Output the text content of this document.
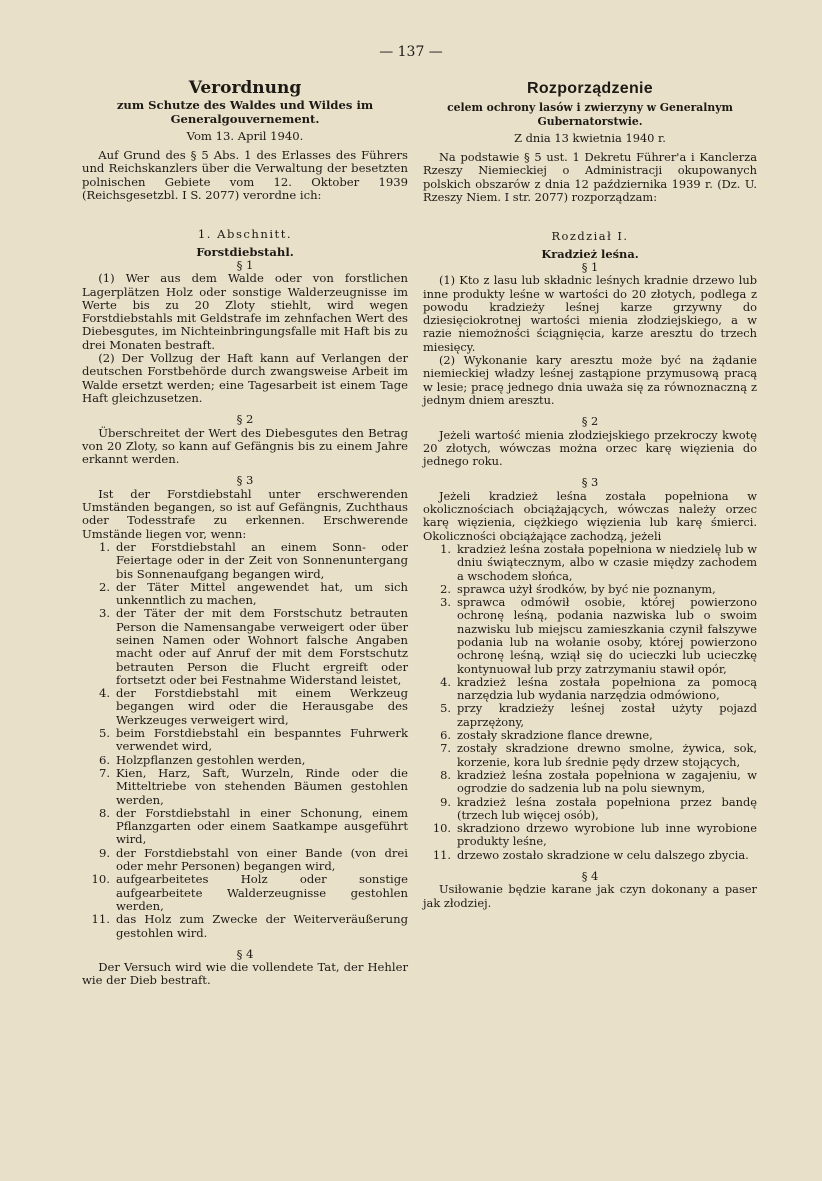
— 137 —
Verordnung
zum Schutze des Waldes und Wildes im Generalgouvernement.
Vom 13. April 1940.

Auf Grund des § 5 Abs. 1 des Erlasses des Führers und Reichskanzlers über die Verwaltung der besetzten polnischen Gebiete vom 12. Oktober 1939 (Reichsgesetzbl. I S. 2077) verordne ich:

1. Abschnitt.
Forstdiebstahl.
§ 1

(1) Wer aus dem Walde oder von forstlichen Lagerplätzen Holz oder sonstige Walderzeugnisse im Werte bis zu 20 Zloty stiehlt, wird wegen Forstdiebstahls mit Geldstrafe im zehnfachen Wert des Diebesgutes, im Nichteinbringungsfalle mit Haft bis zu drei Monaten bestraft.

(2) Der Vollzug der Haft kann auf Verlangen der deutschen Forstbehörde durch zwangsweise Arbeit im Walde ersetzt werden; eine Tagesarbeit ist einem Tage Haft gleichzusetzen.

§ 2

Überschreitet der Wert des Diebesgutes den Betrag von 20 Zloty, so kann auf Gefängnis bis zu einem Jahre erkannt werden.

§ 3

Ist der Forstdiebstahl unter erschwerenden Umständen begangen, so ist auf Gefängnis, Zuchthaus oder Todesstrafe zu erkennen. Erschwerende Umstände liegen vor, wenn:

1. der Forstdiebstahl an einem Sonn- oder Feiertage oder in der Zeit von Sonnenuntergang bis Sonnenaufgang begangen wird,
2. der Täter Mittel angewendet hat, um sich unkenntlich zu machen,
3. der Täter der mit dem Forstschutz betrauten Person die Namensangabe verweigert oder über seinen Namen oder Wohnort falsche Angaben macht oder auf Anruf der mit dem Forstschutz betrauten Person die Flucht ergreift oder fortsetzt oder bei Festnahme Widerstand leistet,
4. der Forstdiebstahl mit einem Werkzeug begangen wird oder die Herausgabe des Werkzeuges verweigert wird,
5. beim Forstdiebstahl ein bespanntes Fuhrwerk verwendet wird,
6. Holzpflanzen gestohlen werden,
7. Kien, Harz, Saft, Wurzeln, Rinde oder die Mitteltriebe von stehenden Bäumen gestohlen werden,
8. der Forstdiebstahl in einer Schonung, einem Pflanzgarten oder einem Saatkampe ausgeführt wird,
9. der Forstdiebstahl von einer Bande (von drei oder mehr Personen) begangen wird,
10. aufgearbeitetes Holz oder sonstige aufgearbeitete Walderzeugnisse gestohlen werden,
11. das Holz zum Zwecke der Weiterveräußerung gestohlen wird.
§ 4

Der Versuch wird wie die vollendete Tat, der Hehler wie der Dieb bestraft.

Rozporządzenie
celem ochrony lasów i zwierzyny w Generalnym Gubernatorstwie.
Z dnia 13 kwietnia 1940 r.

Na podstawie § 5 ust. 1 Dekretu Führer'a i Kanclerza Rzeszy Niemieckiej o Administracji okupowanych polskich obszarów z dnia 12 października 1939 r. (Dz. U. Rzeszy Niem. I str. 2077) rozporządzam:

Rozdział I.
Kradzież leśna.
§ 1

(1) Kto z lasu lub składnic leśnych kradnie drzewo lub inne produkty leśne w wartości do 20 złotych, podlega z powodu kradzieży leśnej karze grzywny do dziesięciokrotnej wartości mienia złodziejskiego, a w razie niemożności ściągnięcia, karze aresztu do trzech miesięcy.

(2) Wykonanie kary aresztu może być na żądanie niemieckiej władzy leśnej zastąpione przymusową pracą w lesie; pracę jednego dnia uważa się za równoznaczną z jednym dniem aresztu.

§ 2

Jeżeli wartość mienia złodziejskiego przekroczy kwotę 20 złotych, wówczas można orzec karę więzienia do jednego roku.

§ 3

Jeżeli kradzież leśna została popełniona w okolicznościach obciążających, wówczas należy orzec karę więzienia, ciężkiego więzienia lub karę śmierci. Okoliczności obciążające zachodzą, jeżeli

1. kradzież leśna została popełniona w niedzielę lub w dniu świątecznym, albo w czasie między zachodem a wschodem słońca,
2. sprawca użył środków, by być nie poznanym,
3. sprawca odmówił osobie, której powierzono ochronę leśną, podania nazwiska lub o swoim nazwisku lub miejscu zamieszkania czynił fałszywe podania lub na wołanie osoby, której powierzono ochronę leśną, wziął się do ucieczki lub ucieczkę kontynuował lub przy zatrzymaniu stawił opór,
4. kradzież leśna została popełniona za pomocą narzędzia lub wydania narzędzia odmówiono,
5. przy kradzieży leśnej został użyty pojazd zaprzężony,
6. zostały skradzione flance drewne,
7. zostały skradzione drewno smolne, żywica, sok, korzenie, kora lub średnie pędy drzew stojących,
8. kradzież leśna została popełniona w zagajeniu, w ogrodzie do sadzenia lub na polu siewnym,
9. kradzież leśna została popełniona przez bandę (trzech lub więcej osób),
10. skradziono drzewo wyrobione lub inne wyrobione produkty leśne,
11. drzewo zostało skradzione w celu dalszego zbycia.
§ 4

Usiłowanie będzie karane jak czyn dokonany a paser jak złodziej.
